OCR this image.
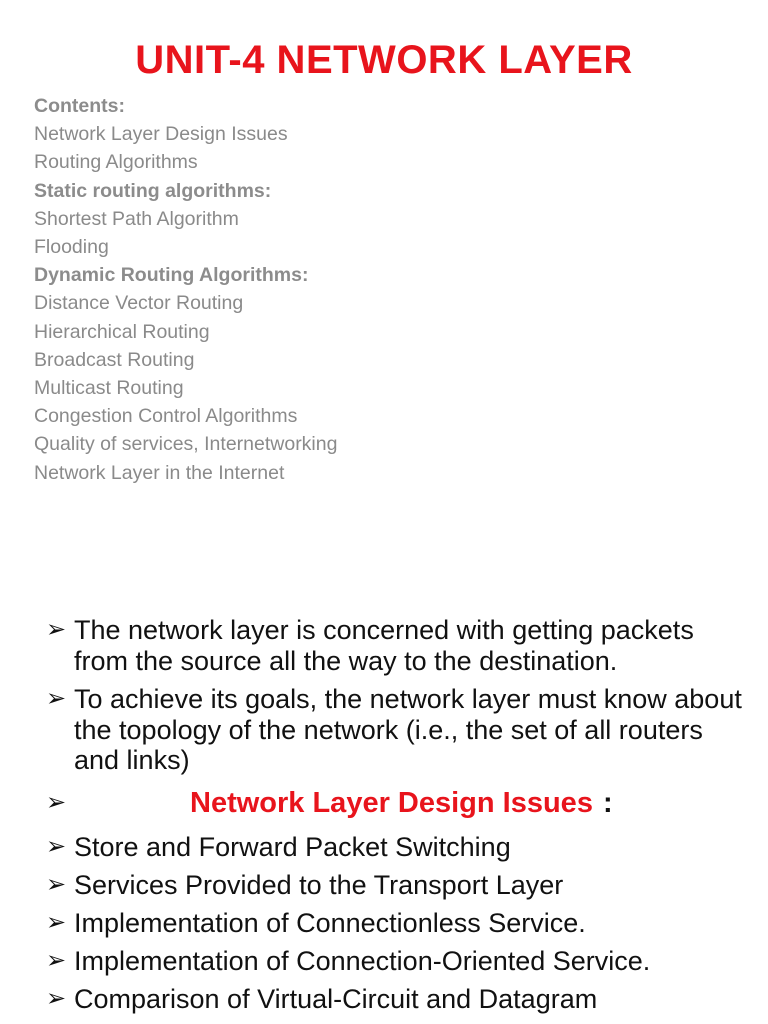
UNIT-4 NETWORK LAYER
Contents:
Network Layer Design Issues
Routing Algorithms
Static routing algorithms:
Shortest Path Algorithm
Flooding
Dynamic Routing Algorithms:
Distance Vector Routing
Hierarchical Routing
Broadcast Routing
Multicast Routing
Congestion Control Algorithms
Quality of services, Internetworking
Network Layer in the Internet
➢ The network layer is concerned with getting packets from the source all the way to the destination.
➢ To achieve its goals, the network layer must know about the topology of the network (i.e., the set of all routers and links)
➢	Network Layer Design Issues :
➢ Store and Forward Packet Switching
➢ Services Provided to the Transport Layer
➢ Implementation of Connectionless Service.
➢ Implementation of Connection-Oriented Service.
➢ Comparison of Virtual-Circuit and Datagram
